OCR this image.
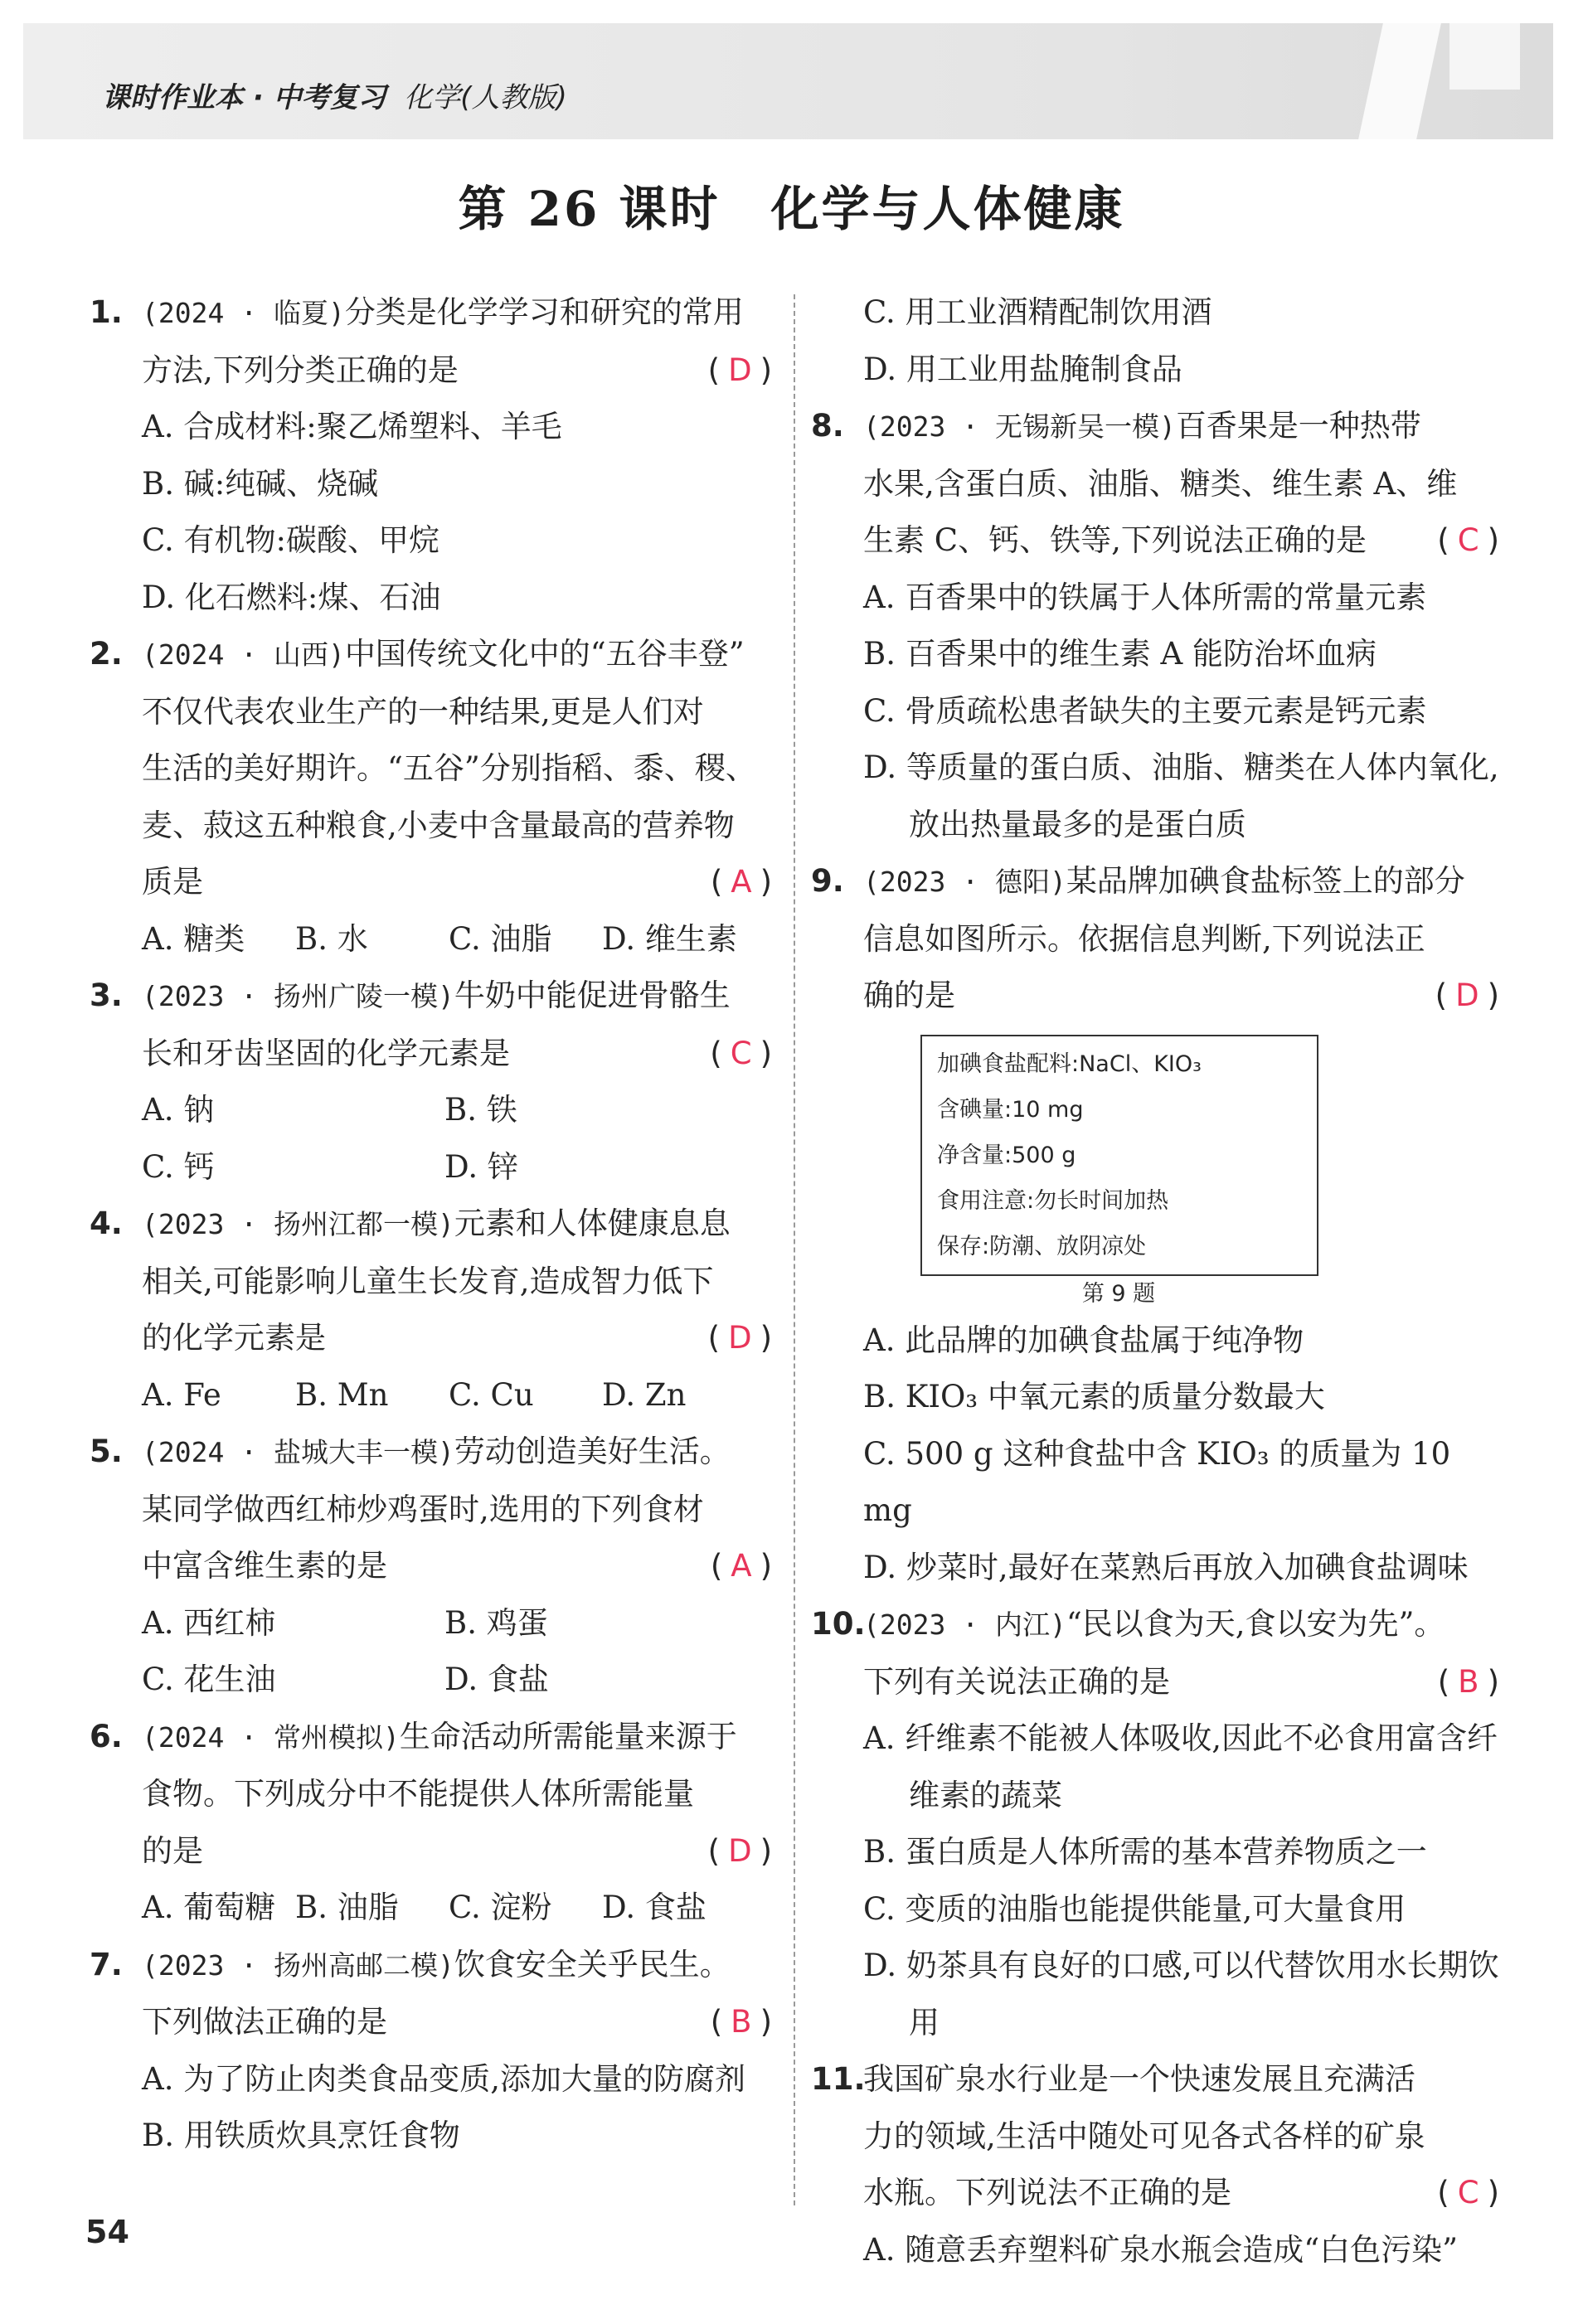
课时作业本 · 中考复习 化学(人教版)
第 26 课时　化学与人体健康
1. (2024 · 临夏)分类是化学学习和研究的常用
方法,下列分类正确的是	( D )
A. 合成材料:聚乙烯塑料、羊毛
B. 碱:纯碱、烧碱
C. 有机物:碳酸、甲烷
D. 化石燃料:煤、石油
2. (2024 · 山西)中国传统文化中的“五谷丰登”
不仅代表农业生产的一种结果,更是人们对
生活的美好期许。“五谷”分别指稻、黍、稷、
麦、菽这五种粮食,小麦中含量最高的营养物
质是	( A )
A. 糖类	B. 水	C. 油脂	D. 维生素
3. (2023 · 扬州广陵一模)牛奶中能促进骨骼生
长和牙齿坚固的化学元素是	( C )
A. 钠	B. 铁
C. 钙	D. 锌
4. (2023 · 扬州江都一模)元素和人体健康息息
相关,可能影响儿童生长发育,造成智力低下
的化学元素是	( D )
A. Fe	B. Mn	C. Cu	D. Zn
5. (2024 · 盐城大丰一模)劳动创造美好生活。
某同学做西红柿炒鸡蛋时,选用的下列食材
中富含维生素的是	( A )
A. 西红柿	B. 鸡蛋
C. 花生油	D. 食盐
6. (2024 · 常州模拟)生命活动所需能量来源于
食物。下列成分中不能提供人体所需能量
的是	( D )
A. 葡萄糖 B. 油脂	C. 淀粉	D. 食盐
7. (2023 · 扬州高邮二模)饮食安全关乎民生。
下列做法正确的是	( B )
A. 为了防止肉类食品变质,添加大量的防腐剂
B. 用铁质炊具烹饪食物
C. 用工业酒精配制饮用酒
D. 用工业用盐腌制食品
8. (2023 · 无锡新吴一模)百香果是一种热带
水果,含蛋白质、油脂、糖类、维生素 A、维
生素 C、钙、铁等,下列说法正确的是 ( C )
A. 百香果中的铁属于人体所需的常量元素
B. 百香果中的维生素 A 能防治坏血病
C. 骨质疏松患者缺失的主要元素是钙元素
D. 等质量的蛋白质、油脂、糖类在人体内氧化,放出热量最多的是蛋白质
9. (2023 · 德阳)某品牌加碘食盐标签上的部分
信息如图所示。依据信息判断,下列说法正
确的是	( D )
加碘食盐配料:NaCl、KIO₃
含碘量:10 mg
净含量:500 g
食用注意:勿长时间加热
保存:防潮、放阴凉处
第 9 题
A. 此品牌的加碘食盐属于纯净物
B. KIO₃ 中氧元素的质量分数最大
C. 500 g 这种食盐中含 KIO₃ 的质量为 10 mg
D. 炒菜时,最好在菜熟后再放入加碘食盐调味
10.
(2023 · 内江)“民以食为天,食以安为先”。
下列有关说法正确的是	( B )
A. 纤维素不能被人体吸收,因此不必食用富含纤维素的蔬菜
B. 蛋白质是人体所需的基本营养物质之一
C. 变质的油脂也能提供能量,可大量食用
D. 奶茶具有良好的口感,可以代替饮用水长期饮用
11.
我国矿泉水行业是一个快速发展且充满活
力的领域,生活中随处可见各式各样的矿泉
水瓶。下列说法不正确的是	( C )
A. 随意丢弃塑料矿泉水瓶会造成“白色污染”
54
